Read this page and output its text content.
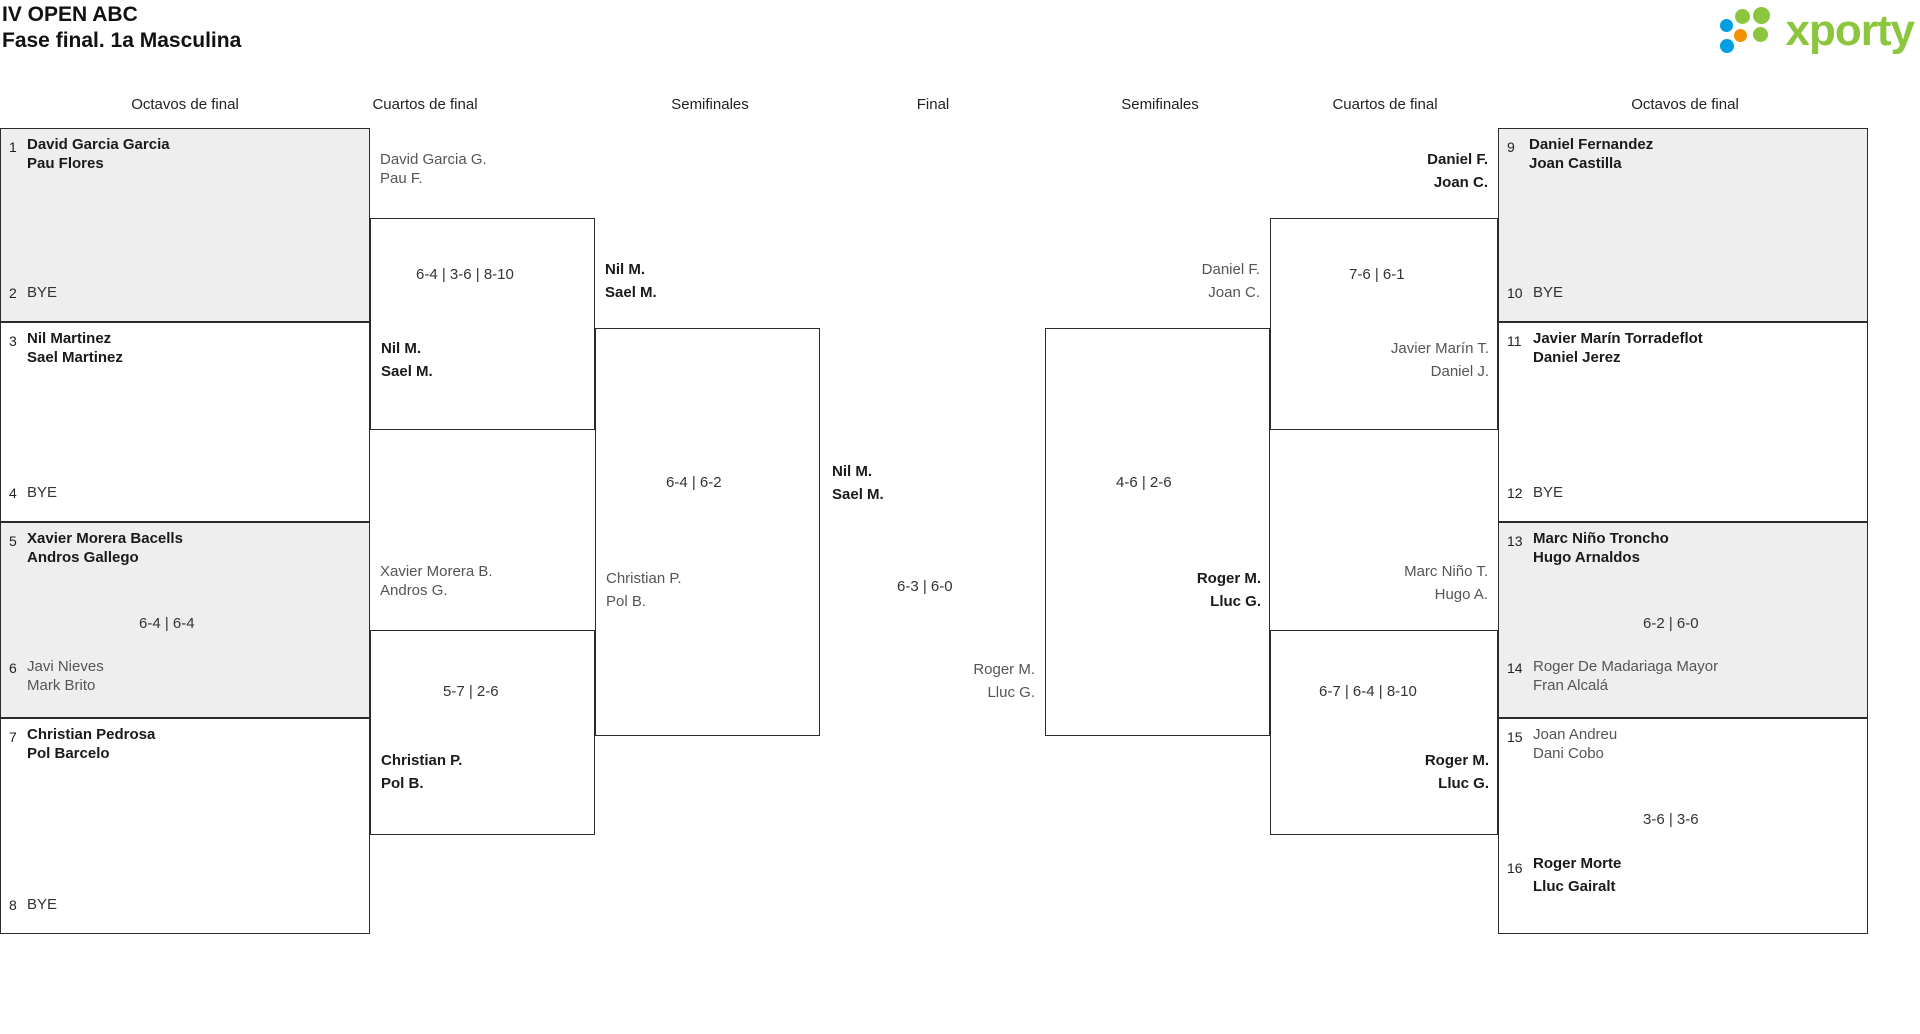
IV OPEN ABC
Fase final. 1a Masculina	xporty
Octavos de final	Cuartos de final	Semifinales	Final	Semifinales	Cuartos de final	Octavos de final
1 David Garcia Garcia
Pau Flores
2 BYE
3 Nil Martinez
Sael Martinez
4 BYE
5 Xavier Morera Bacells
Andros Gallego
6-4 | 6-4
6 Javi Nieves
Mark Brito
7 Christian Pedrosa
Pol Barcelo
8 BYE
David Garcia G.
Pau F.
6-4 | 3-6 | 8-10
Nil M.
Sael M.
Xavier Morera B.
Andros G.
5-7 | 2-6
Christian P.
Pol B.
Nil M.
Sael M.
6-4 | 6-2
Christian P.
Pol B.
Nil M.
Sael M.
6-3 | 6-0
Roger M.
Lluc G.
Daniel F.
Joan C.
4-6 | 2-6
Roger M.
Lluc G.
Daniel F.
Joan C.
7-6 | 6-1
Javier Marín T.
Daniel J.
Marc Niño T.
Hugo A.
6-7 | 6-4 | 8-10
Roger M.
Lluc G.
9 Daniel Fernandez
Joan Castilla
10 BYE
11 Javier Marín Torradeflot
Daniel Jerez
12 BYE
13 Marc Niño Troncho
Hugo Arnaldos
6-2 | 6-0
14 Roger De Madariaga Mayor
Fran Alcalá
15 Joan Andreu
Dani Cobo
3-6 | 3-6
16 Roger Morte
Lluc Gairalt
